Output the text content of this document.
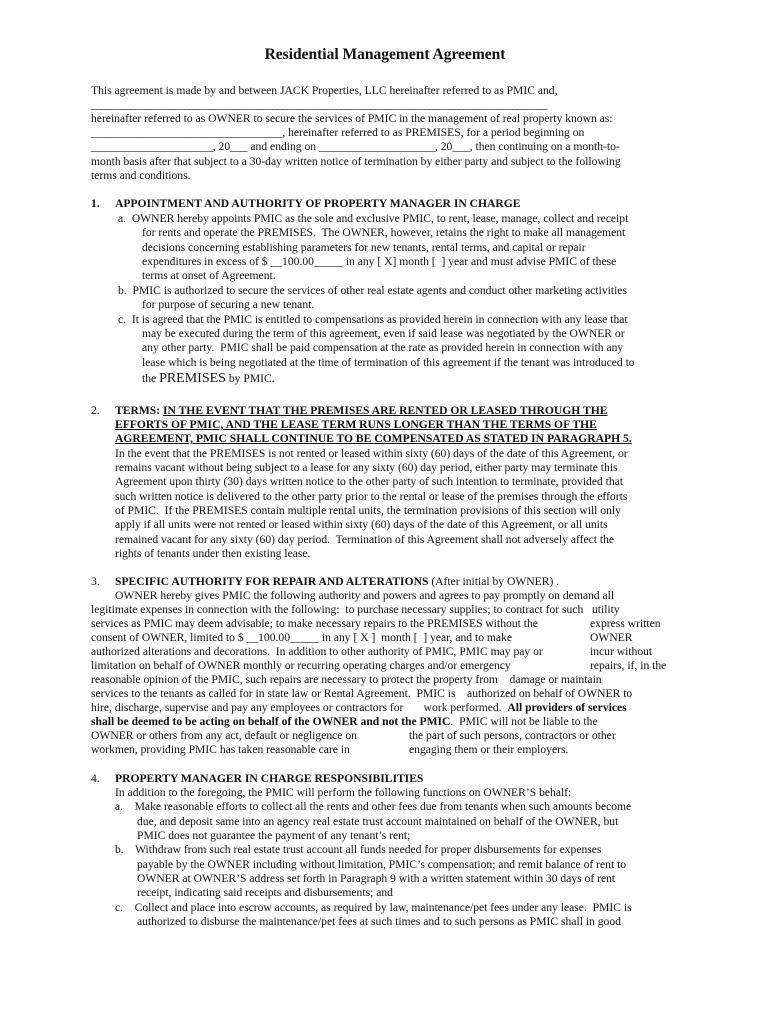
Residential Management Agreement
This agreement is made by and between JACK Properties, LLC hereinafter referred to as PMIC and,
_____________________________________________________________________________________________
hereinafter referred to as OWNER to secure the services of PMIC in the management of real property known as:
_________________________________, hereinafter referred to as PREMISES, for a period beginning on
_____________________, 20___ and ending on ____________________, 20___, then continuing on a month-to-
month basis after that subject to a 30-day written notice of termination by either party and subject to the following
terms and conditions.
1. APPOINTMENT AND AUTHORITY OF PROPERTY MANAGER IN CHARGE
a.  OWNER hereby appoints PMIC as the sole and exclusive PMIC, to rent, lease, manage, collect and receipt
for rents and operate the PREMISES.  The OWNER, however, retains the right to make all management
decisions concerning establishing parameters for new tenants, rental terms, and capital or repair
expenditures in excess of $ __100.00_____ in any [ X] month [  ] year and must advise PMIC of these
terms at onset of Agreement.
b.  PMIC is authorized to secure the services of other real estate agents and conduct other marketing activities
for purpose of securing a new tenant.
c.  It is agreed that the PMIC is entitled to compensations as provided herein in connection with any lease that
may be executed during the term of this agreement, even if said lease was negotiated by the OWNER or
any other party.  PMIC shall be paid compensation at the rate as provided herein in connection with any
lease which is being negotiated at the time of termination of this agreement if the tenant was introduced to
the PREMISES by PMIC.
2. TERMS: IN THE EVENT THAT THE PREMISES ARE RENTED OR LEASED THROUGH THE
EFFORTS OF PMIC, AND THE LEASE TERM RUNS LONGER THAN THE TERMS OF THE
AGREEMENT, PMIC SHALL CONTINUE TO BE COMPENSATED AS STATED IN PARAGRAPH 5.
In the event that the PREMISES is not rented or leased within sixty (60) days of the date of this Agreement, or
remains vacant without being subject to a lease for any sixty (60) day period, either party may terminate this
Agreement upon thirty (30) days written notice to the other party of such intention to terminate, provided that
such written notice is delivered to the other party prior to the rental or lease of the premises through the efforts
of PMIC.  If the PREMISES contain multiple rental units, the termination provisions of this section will only
apply if all units were not rented or leased within sixty (60) days of the date of this Agreement, or all units
remained vacant for any sixty (60) day period.  Termination of this Agreement shall not adversely affect the
rights of tenants under then existing lease.
3. SPECIFIC AUTHORITY FOR REPAIR AND ALTERATIONS (After initial by OWNER) .
OWNER hereby gives PMIC the following authority and powers and agrees to pay promptly on demand all
legitimate expenses in connection with the following:  to purchase necessary supplies; to contract for such   utility
services as PMIC may deem advisable; to make necessary repairs to the PREMISES without the	express written
consent of OWNER, limited to $ __100.00_____ in any [ X ]  month [  ] year, and to make	OWNER
authorized alterations and decorations.  In addition to other authority of PMIC, PMIC may pay or	incur without
limitation on behalf of OWNER monthly or recurring operating charges and/or emergency	repairs, if, in the
reasonable opinion of the PMIC, such repairs are necessary to protect the property from    damage or maintain
services to the tenants as called for in state law or Rental Agreement.  PMIC is    authorized on behalf of OWNER to
hire, discharge, supervise and pay any employees or contractors for       work performed.  All providers of services
shall be deemed to be acting on behalf of the OWNER and not the PMIC.  PMIC will not be liable to the
OWNER or others from any act, default or negligence on	the part of such persons, contractors or other
workmen, providing PMIC has taken reasonable care in	engaging them or their employers.
4. PROPERTY MANAGER IN CHARGE RESPONSIBILITIES
In addition to the foregoing, the PMIC will perform the following functions on OWNER’S behalf:
a.    Make reasonable efforts to collect all the rents and other fees due from tenants when such amounts become
due, and deposit same into an agency real estate trust account maintained on behalf of the OWNER, but
PMIC does not guarantee the payment of any tenant’s rent;
b.    Withdraw from such real estate trust account all funds needed for proper disbursements for expenses
payable by the OWNER including without limitation, PMIC’s compensation; and remit balance of rent to
OWNER at OWNER’S address set forth in Paragraph 9 with a written statement within 30 days of rent
receipt, indicating said receipts and disbursements; and
c.    Collect and place into escrow accounts, as required by law, maintenance/pet fees under any lease.  PMIC is
authorized to disburse the maintenance/pet fees at such times and to such persons as PMIC shall in good
